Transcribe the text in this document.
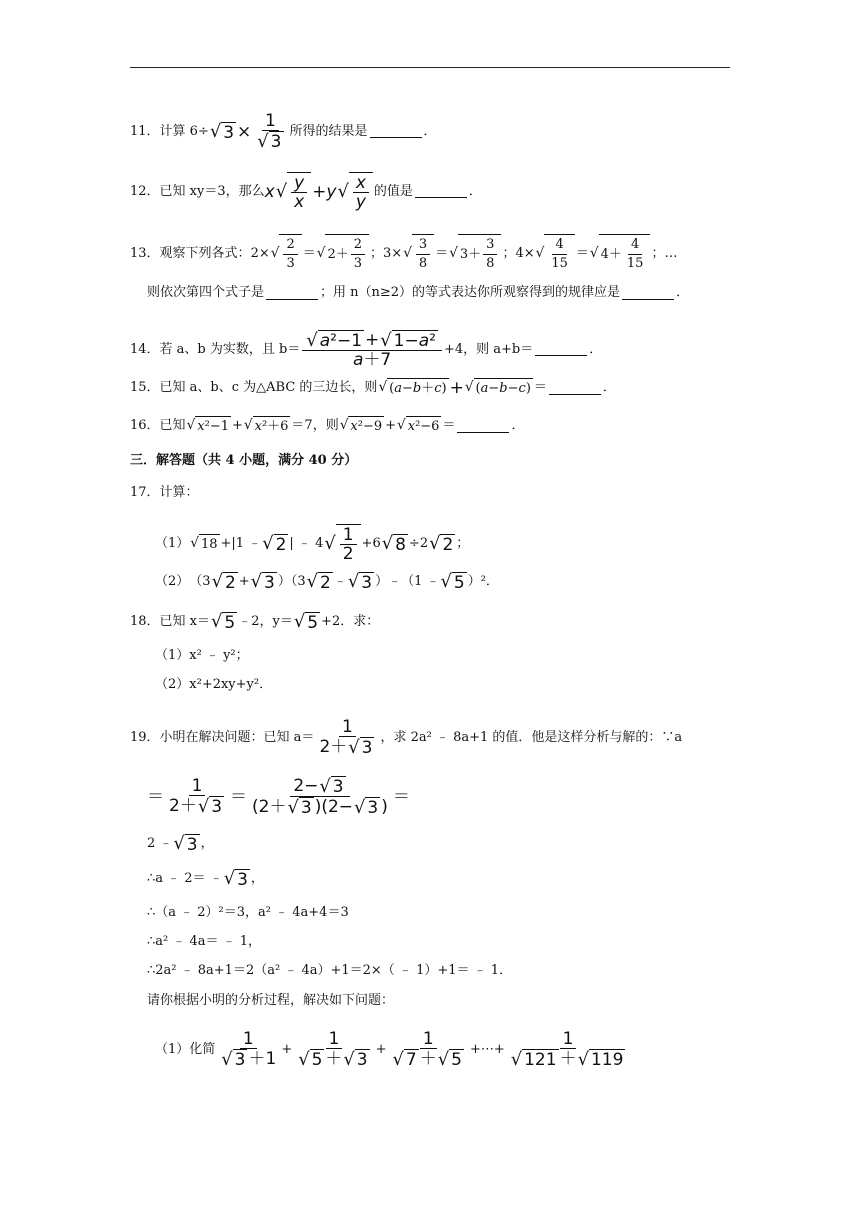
11． 计算 6÷ √ $3 \times \frac{1}{√ 3}$ 所得的结果是	．
12． 已知 xy＝3，那么 x √ $\frac{y}{x} + y$ √ $\frac{x}{y}$ 的值是	．
13． 观察下列各式： 2× √ $\frac{2}{3}$ ＝ √ $2+ \frac{2}{3}$ ； 3× √ $\frac{3}{8}$ ＝ √ $3+ \frac{3}{8}$ ； 4× √ $\frac{4}{15}$ ＝ √ $4+ \frac{4}{15}$ ； …
则依次第四个式子是	；用 n（n≥2）的等式表达你所观察得到的规律应是	．
14． 若 a、b 为实数，且 $b= \frac{\text{√ a ²−1 + √ 1− a ²}}{a +7} +4$，则 a+b＝	．
15． 已知 a、b、c 为△ABC 的三边长，则 √ ( a − b ＋ c ) + √ ( a − b − c ) ＝	．
16． 已知 √ x ²−1 + √ x ²＋6 ＝7，则 √ x ²−9 + √ x ²−6 ＝	．
三．解答题（共 4 小题，满分 40 分）
17． 计算：
（1） √ 18 +|1 ﹣ √ 2 | ﹣ 4 √ $\frac{1}{2} +6$ √ 8 ÷2 √ 2 ；
（2） （3 √ 2 + √ 3 ）（3 √ 2 ﹣ √ 3 ）﹣（1 ﹣ √ 5 ）²．
18． 已知 x＝ √ 5 ﹣2，y＝ √ 5 +2．求：
（1）x² ﹣ y²；
（2）x²+2xy+y²．
19． 小明在解决问题：已知 $a= \frac{1}{2+ √ 3}$ ，求 2a² ﹣ 8a+1 的值．他是这样分析与解的：∵a
＝ $\frac{1}{2+ √ 3} = \frac{2- √ 3}{(2+ √ 3 )(2- √ 3 )}$ ＝
2 ﹣ √ 3 ，
∴a ﹣ 2＝ ﹣ √ 3 ，
∴（a ﹣ 2）²＝3，a² ﹣ 4a+4＝3
∴a² ﹣ 4a＝ ﹣ 1，
∴2a² ﹣ 8a+1＝2（a² ﹣ 4a）+1＝2×（ ﹣ 1）+1＝ ﹣ 1．
请你根据小明的分析过程，解决如下问题：
（1）化简 $\frac{1}{√ 3 +1} + \frac{1}{√ 5 + √ 3} + \frac{1}{√ 7 + √ 5}$ +⋯+ $\frac{1}{√ 121 + √ 119}$
